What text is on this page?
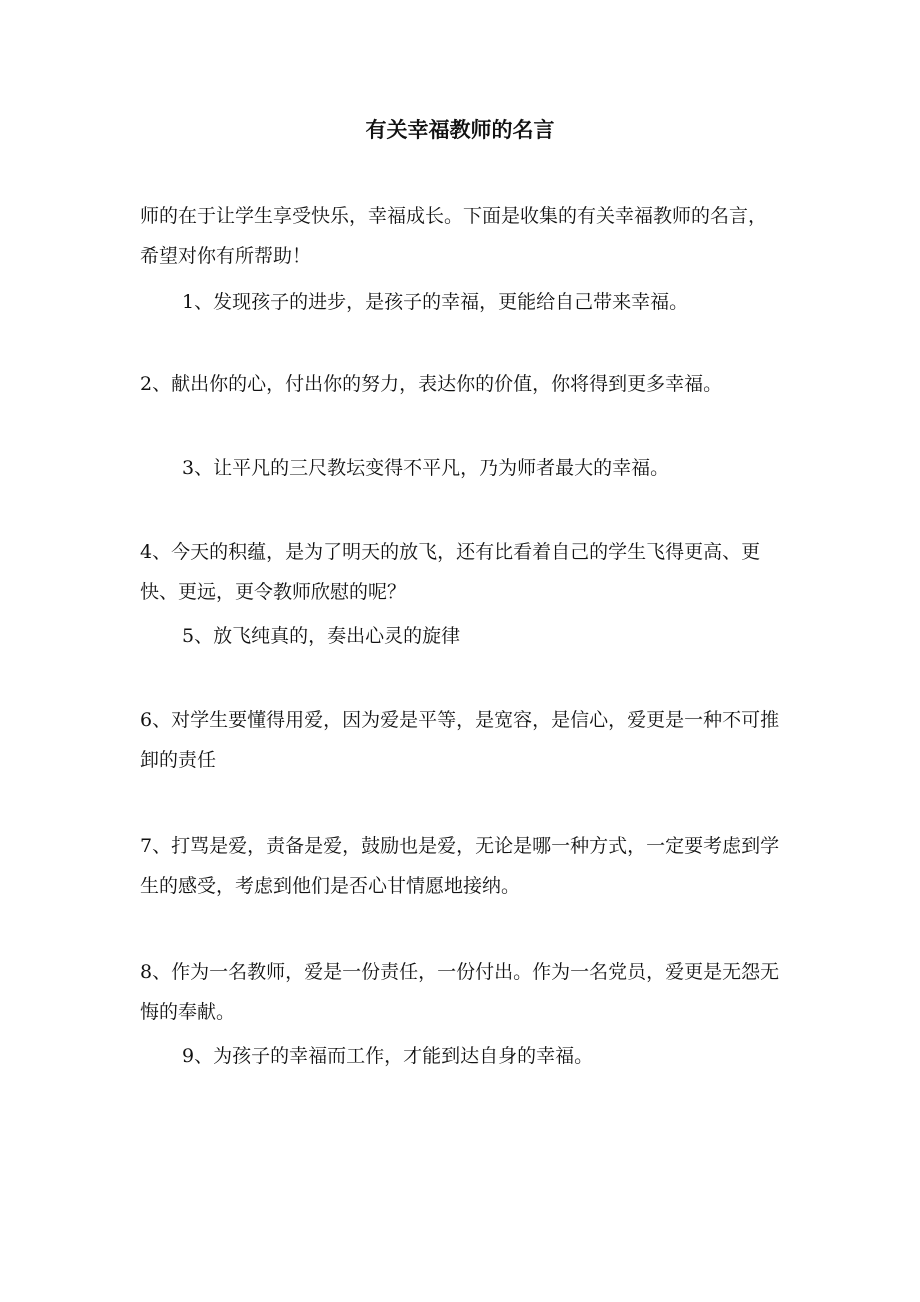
有关幸福教师的名言

师的在于让学生享受快乐，幸福成长。下面是收集的有关幸福教师的名言，希望对你有所帮助！

1、发现孩子的进步，是孩子的幸福，更能给自己带来幸福。

2、献出你的心，付出你的努力，表达你的价值，你将得到更多幸福。

3、让平凡的三尺教坛变得不平凡，乃为师者最大的幸福。

4、今天的积蕴，是为了明天的放飞，还有比看着自己的学生飞得更高、更快、更远，更令教师欣慰的呢？

5、放飞纯真的，奏出心灵的旋律

6、对学生要懂得用爱，因为爱是平等，是宽容，是信心，爱更是一种不可推卸的责任

7、打骂是爱，责备是爱，鼓励也是爱，无论是哪一种方式，一定要考虑到学生的感受，考虑到他们是否心甘情愿地接纳。

8、作为一名教师，爱是一份责任，一份付出。作为一名党员，爱更是无怨无悔的奉献。

9、为孩子的幸福而工作，才能到达自身的幸福。
